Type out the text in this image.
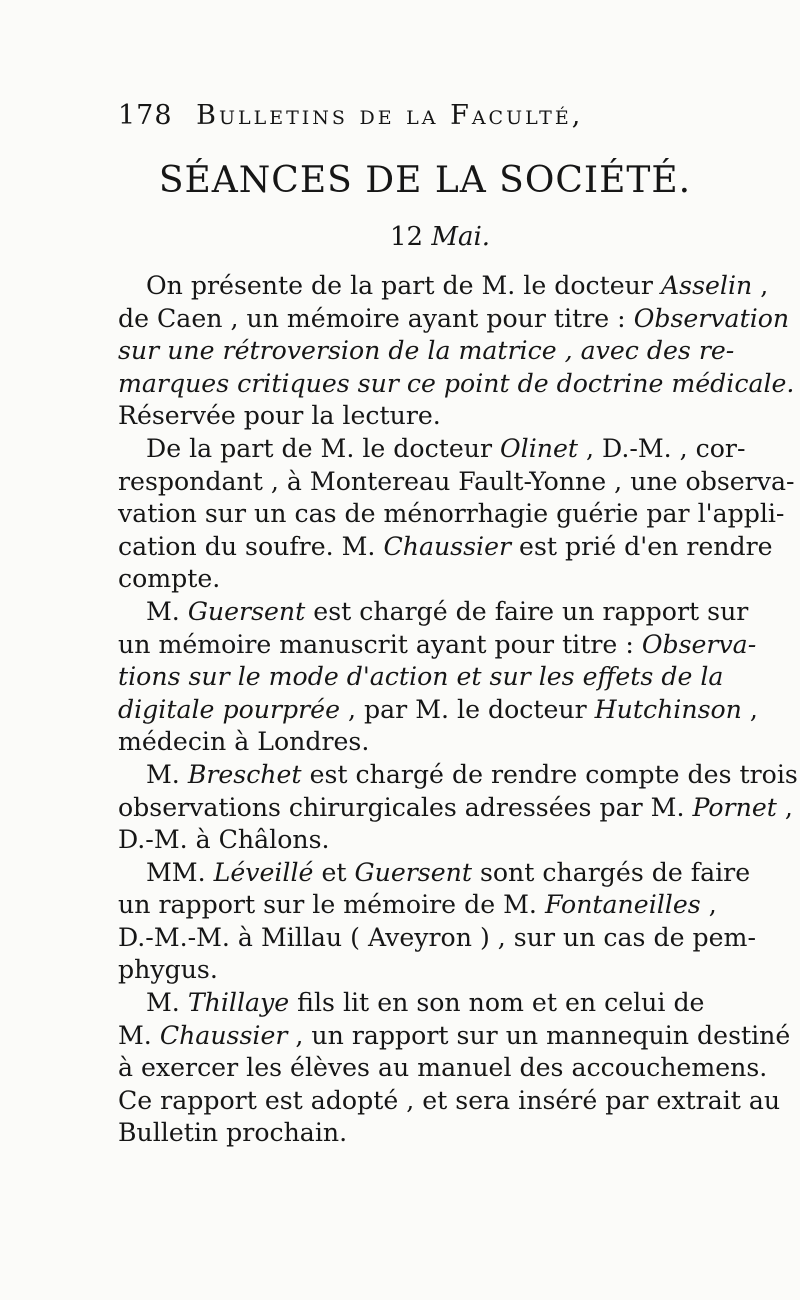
178 Bulletins de la Faculté,
SÉANCES DE LA SOCIÉTÉ.
12 Mai.

On présente de la part de M. le docteur Asselin ,
de Caen , un mémoire ayant pour titre : Observation
sur une rétroversion de la matrice , avec des re-
marques critiques sur ce point de doctrine médicale.
Réservée pour la lecture.

De la part de M. le docteur Olinet , D.-M. , cor-
respondant , à Montereau Fault-Yonne , une observa-
vation sur un cas de ménorrhagie guérie par l'appli-
cation du soufre. M. Chaussier est prié d'en rendre
compte.

M. Guersent est chargé de faire un rapport sur
un mémoire manuscrit ayant pour titre : Observa-
tions sur le mode d'action et sur les effets de la
digitale pourprée , par M. le docteur Hutchinson ,
médecin à Londres.

M. Breschet est chargé de rendre compte des trois
observations chirurgicales adressées par M. Pornet ,
D.-M. à Châlons.

MM. Léveillé et Guersent sont chargés de faire
un rapport sur le mémoire de M. Fontaneilles ,
D.-M.-M. à Millau ( Aveyron ) , sur un cas de pem-
phygus.

M. Thillaye fils lit en son nom et en celui de
M. Chaussier , un rapport sur un mannequin destiné
à exercer les élèves au manuel des accouchemens.
Ce rapport est adopté , et sera inséré par extrait au
Bulletin prochain.
